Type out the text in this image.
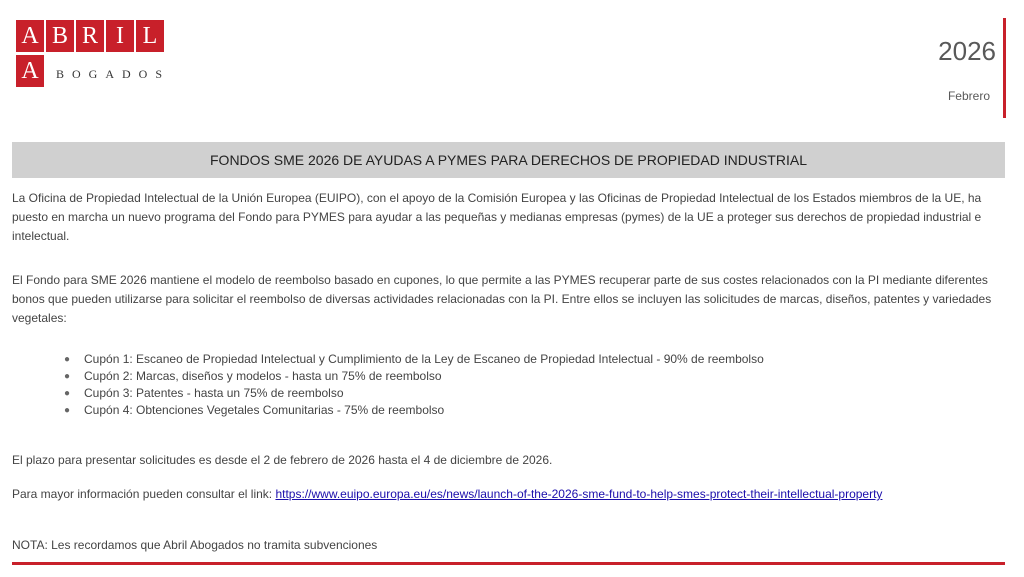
A B R I L
A	BOGADOS
2026
Febrero
FONDOS SME 2026 DE AYUDAS A PYMES PARA DERECHOS DE PROPIEDAD INDUSTRIAL
La Oficina de Propiedad Intelectual de la Unión Europea (EUIPO), con el apoyo de la Comisión Europea y las Oficinas de Propiedad Intelectual de los Estados miembros de la UE, ha puesto en marcha un nuevo programa del Fondo para PYMES para ayudar a las pequeñas y medianas empresas (pymes) de la UE a proteger sus derechos de propiedad industrial e intelectual.
El Fondo para SME 2026 mantiene el modelo de reembolso basado en cupones, lo que permite a las PYMES recuperar parte de sus costes relacionados con la PI mediante diferentes bonos que pueden utilizarse para solicitar el reembolso de diversas actividades relacionadas con la PI. Entre ellos se incluyen las solicitudes de marcas, diseños, patentes y variedades vegetales:
●	Cupón 1: Escaneo de Propiedad Intelectual y Cumplimiento de la Ley de Escaneo de Propiedad Intelectual - 90% de reembolso
●	Cupón 2: Marcas, diseños y modelos - hasta un 75% de reembolso
●	Cupón 3: Patentes - hasta un 75% de reembolso
●	Cupón 4: Obtenciones Vegetales Comunitarias - 75% de reembolso
El plazo para presentar solicitudes es desde el 2 de febrero de 2026 hasta el 4 de diciembre de 2026.
Para mayor información pueden consultar el link: https://www.euipo.europa.eu/es/news/launch-of-the-2026-sme-fund-to-help-smes-protect-their-intellectual-property
NOTA: Les recordamos que Abril Abogados no tramita subvenciones
